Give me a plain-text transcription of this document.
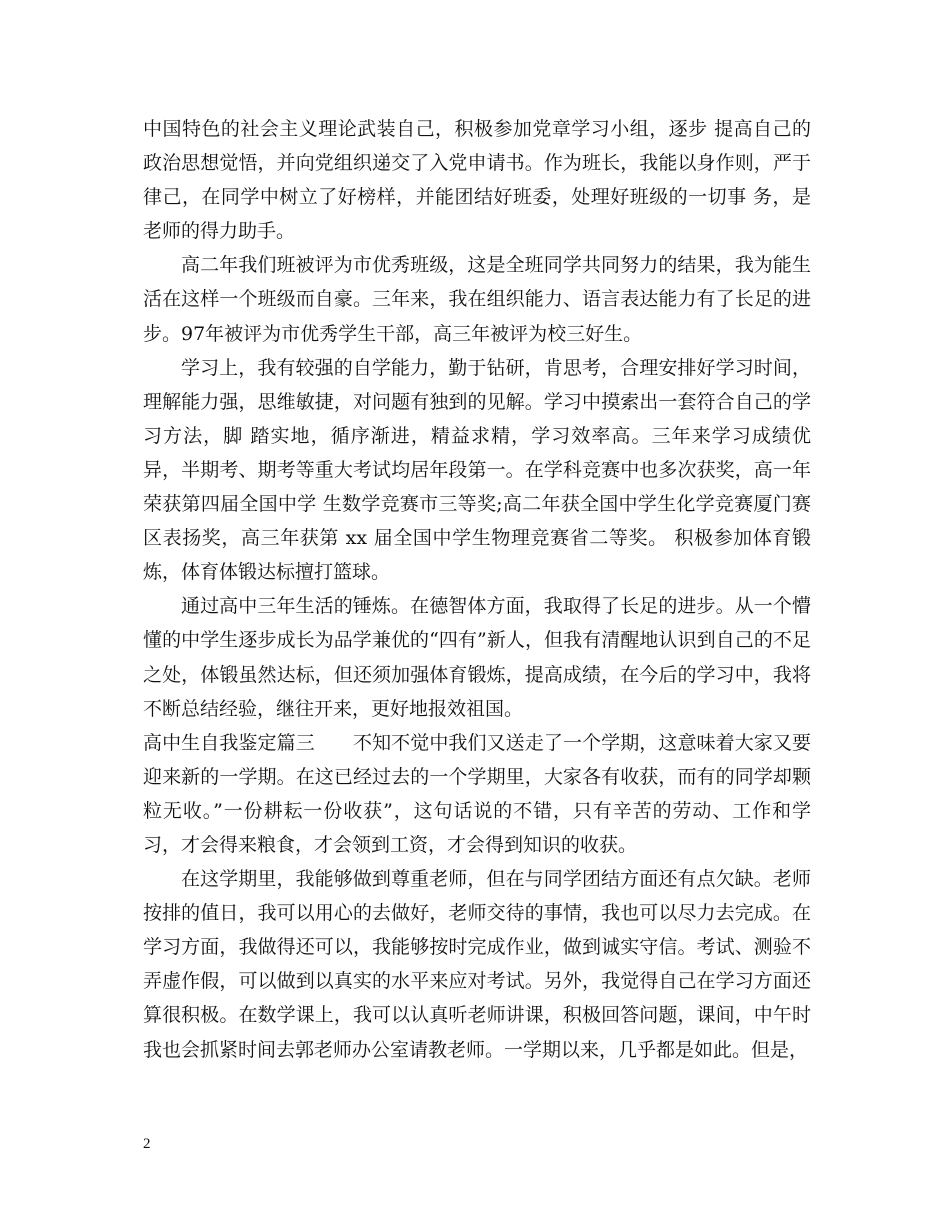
中国特色的社会主义理论武装自己，积极参加党章学习小组，逐步 提高自己的政治思想觉悟，并向党组织递交了入党申请书。作为班长，我能以身作则，严于律己，在同学中树立了好榜样，并能团结好班委，处理好班级的一切事 务，是老师的得力助手。

高二年我们班被评为市优秀班级，这是全班同学共同努力的结果，我为能生活在这样一个班级而自豪。三年来，我在组织能力、语言表达能力有了长足的进步。97年被评为市优秀学生干部，高三年被评为校三好生。

学习上，我有较强的自学能力，勤于钻研，肯思考，合理安排好学习时间，理解能力强，思维敏捷，对问题有独到的见解。学习中摸索出一套符合自己的学习方法，脚 踏实地，循序渐进，精益求精，学习效率高。三年来学习成绩优异，半期考、期考等重大考试均居年段第一。在学科竞赛中也多次获奖，高一年荣获第四届全国中学 生数学竞赛市三等奖;高二年获全国中学生化学竞赛厦门赛区表扬奖，高三年获第 xx 届全国中学生物理竞赛省二等奖。 积极参加体育锻炼，体育体锻达标擅打篮球。

通过高中三年生活的锤炼。在德智体方面，我取得了长足的进步。从一个懵懂的中学生逐步成长为品学兼优的“四有”新人，但我有清醒地认识到自己的不足之处，体锻虽然达标，但还须加强体育锻炼，提高成绩，在今后的学习中，我将不断总结经验，继往开来，更好地报效祖国。

高中生自我鉴定篇三　　 不知不觉中我们又送走了一个学期，这意味着大家又要迎来新的一学期。在这已经过去的一个学期里，大家各有收获，而有的同学却颗粒无收。”一份耕耘一份收获”，这句话说的不错，只有辛苦的劳动、工作和学习，才会得来粮食，才会领到工资，才会得到知识的收获。

在这学期里，我能够做到尊重老师，但在与同学团结方面还有点欠缺。老师按排的值日，我可以用心的去做好，老师交待的事情，我也可以尽力去完成。在学习方面，我做得还可以，我能够按时完成作业，做到诚实守信。考试、测验不弄虚作假，可以做到以真实的水平来应对考试。另外，我觉得自己在学习方面还算很积极。在数学课上，我可以认真听老师讲课，积极回答问题，课间，中午时我也会抓紧时间去郭老师办公室请教老师。一学期以来，几乎都是如此。但是，

2
